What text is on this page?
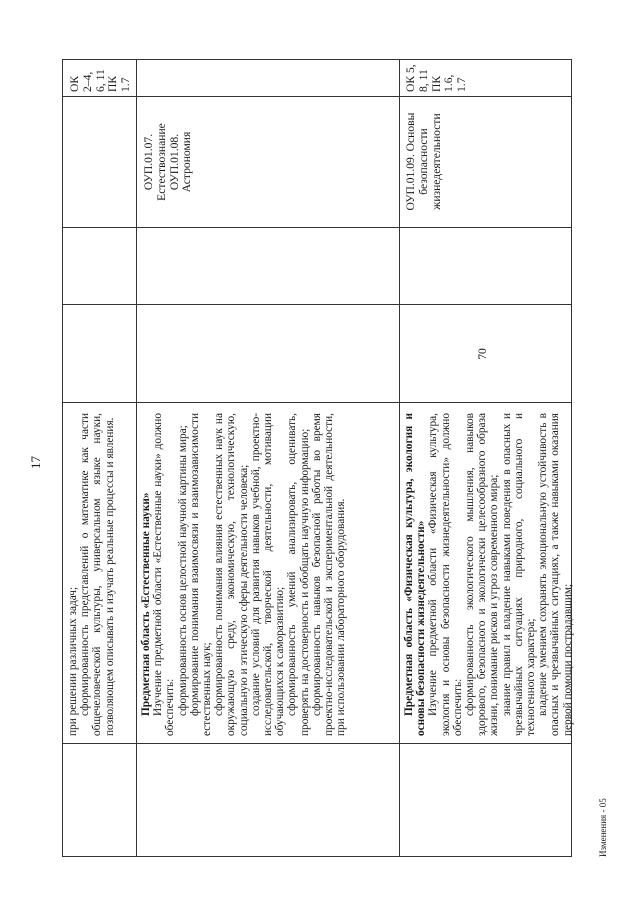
17
при решении различных задач; сформированность представлений о математике как части общечеловеческой культуры, универсальном языке науки, позволяющем описывать и изучать реальные процессы и явления.
ОК 2–4, 6, 11
ПК 1.7
Предметная область «Естественные науки» Изучение предметной области «Естественные науки» должно обеспечить: сформированность основ целостной научной картины мира; формирование понимания взаимосвязи и взаимозависимости естественных наук; сформированность понимания влияния естественных наук на окружающую среду, экономическую, технологическую, социальную и этическую сферы деятельности человека; создание условий для развития навыков учебной, проектно-исследовательской, творческой деятельности, мотивации обучающихся к саморазвитию; сформированность умений анализировать, оценивать, проверять на достоверность и обобщать научную информацию; сформированность навыков безопасной работы во время проектно-исследовательской и экспериментальной деятельности, при использовании лабораторного оборудования.
ОУП.01.07.
Естествознание
ОУП.01.08.
Астрономия
Предметная область «Физическая культура, экология и основы безопасности жизнедеятельности» Изучение предметной области «Физическая культура, экология и основы безопасности жизнедеятельности» должно обеспечить: сформированность экологического мышления, навыков здорового, безопасного и экологически целесообразного образа жизни, понимание рисков и угроз современного мира; знание правил и владение навыками поведения в опасных и чрезвычайных ситуациях природного, социального и техногенного характера; владение умением сохранять эмоциональную устойчивость в опасных и чрезвычайных ситуациях, а также навыками оказания первой помощи пострадавшим;
70
ОУП.01.09. Основы
безопасности
жизнедеятельности
ОК 5, 8, 11
ПК 1.6, 1.7
Изменения - 05
